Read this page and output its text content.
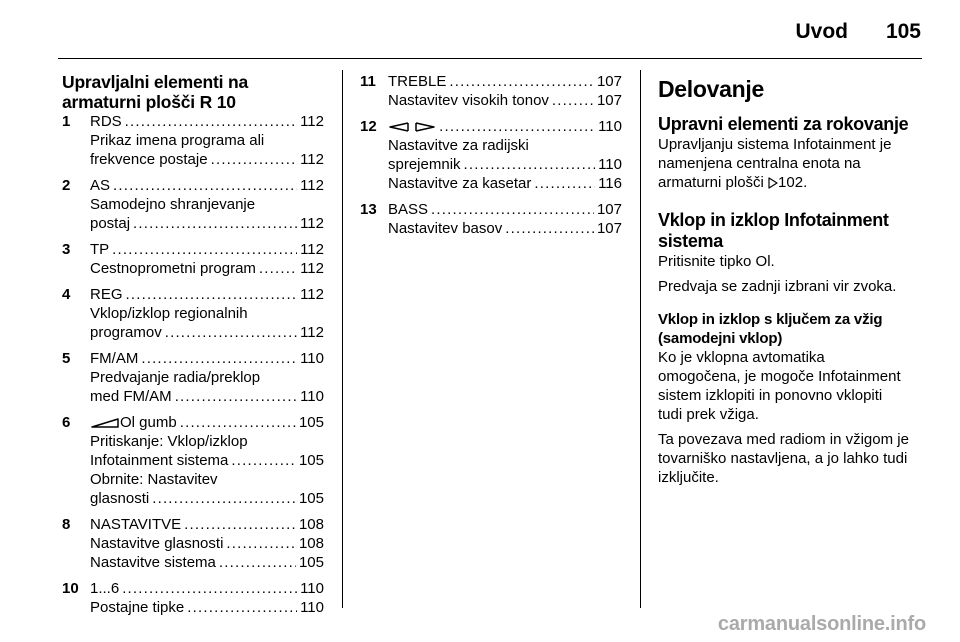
Uvod 105
Upravljalni elementi na
armaturni plošči R 10
1 RDS .....	112
Prikaz imena programa ali
frekvence postaje .....	112
2 AS .....	112
Samodejno shranjevanje
postaj .....	112
3 TP .....	112
Cestnoprometni program .....	112
4 REG .....	112
Vklop/izklop regionalnih
programov .....	112
5 FM/AM .....	110
Predvajanje radia/preklop
med FM/AM .....	110
6	Ol gumb .....	105
Pritiskanje: Vklop/izklop
Infotainment sistema .....	105
Obrnite: Nastavitev
glasnosti .....	105
8 NASTAVITVE .....	108
Nastavitve glasnosti .....	108
Nastavitve sistema .....	105
10 1...6 .....	110
Postajne tipke .....	110
11 TREBLE .....	107
Nastavitev visokih tonov .....	107
12
.....	110
Nastavitve za radijski
sprejemnik .....	110
Nastavitve za kasetar .....	116
13 BASS .....	107
Nastavitev basov .....	107
Delovanje
Upravni elementi za rokovanje
Upravljanju sistema Infotainment je
namenjena centralna enota na
armaturni plošči 102.
Vklop in izklop Infotainment
sistema
Pritisnite tipko Ol.
Predvaja se zadnji izbrani vir zvoka.
Vklop in izklop s ključem za vžig
(samodejni vklop)
Ko je vklopna avtomatika
omogočena, je mogoče Infotainment
sistem izklopiti in ponovno vklopiti
tudi prek vžiga.
Ta povezava med radiom in vžigom je
tovarniško nastavljena, a jo lahko tudi
izključite.
carmanualsonline.info
